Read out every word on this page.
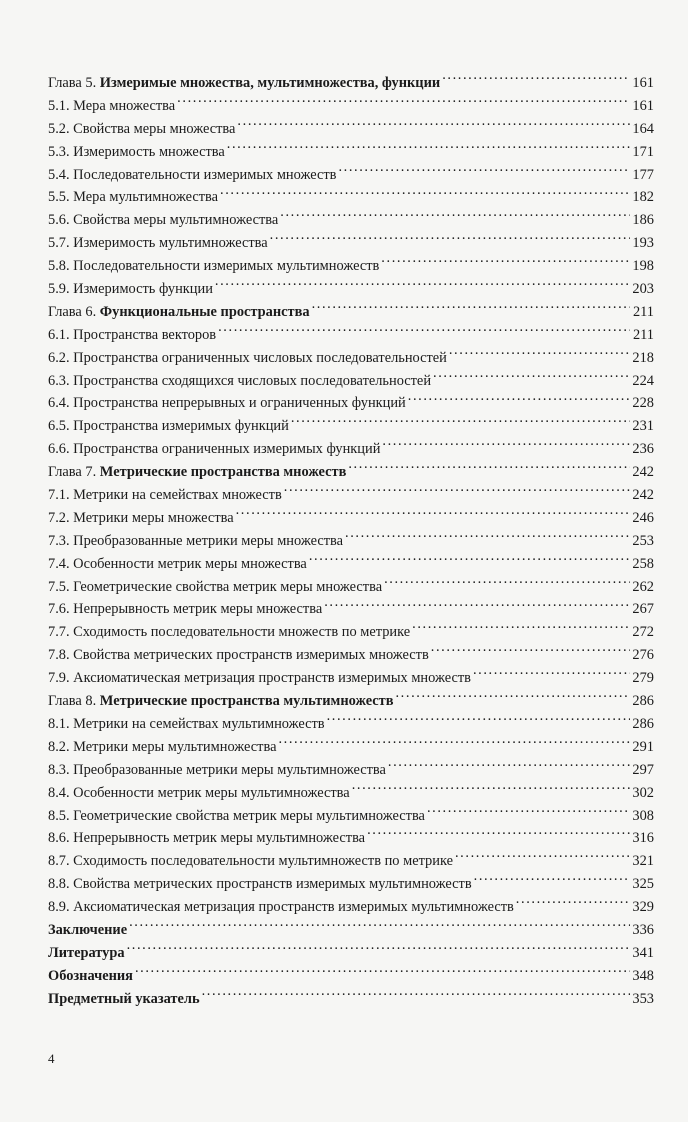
Глава 5. Измеримые множества, мультимножества, функции . . .	161
5.1. Мера множества . . .	161
5.2. Свойства меры множества . . .	164
5.3. Измеримость множества . . .	171
5.4. Последовательности измеримых множеств . . .	177
5.5. Мера мультимножества . . .	182
5.6. Свойства меры мультимножества . . .	186
5.7. Измеримость мультимножества . . .	193
5.8. Последовательности измеримых мультимножеств . . .	198
5.9. Измеримость функции . . .	203
Глава 6. Функциональные пространства . . .	211
6.1. Пространства векторов . . .	211
6.2. Пространства ограниченных числовых последовательностей . . .	218
6.3. Пространства сходящихся числовых последовательностей . . .	224
6.4. Пространства непрерывных и ограниченных функций . . .	228
6.5. Пространства измеримых функций . . .	231
6.6. Пространства ограниченных измеримых функций . . .	236
Глава 7. Метрические пространства множеств . . .	242
7.1. Метрики на семействах множеств . . .	242
7.2. Метрики меры множества . . .	246
7.3. Преобразованные метрики меры множества . . .	253
7.4. Особенности метрик меры множества . . .	258
7.5. Геометрические свойства метрик меры множества . . .	262
7.6. Непрерывность метрик меры множества . . .	267
7.7. Сходимость последовательности множеств по метрике . . .	272
7.8. Свойства метрических пространств измеримых множеств . . .	276
7.9. Аксиоматическая метризация пространств измеримых множеств . . .	279
Глава 8. Метрические пространства мультимножеств . . .	286
8.1. Метрики на семействах мультимножеств . . .	286
8.2. Метрики меры мультимножества . . .	291
8.3. Преобразованные метрики меры мультимножества . . .	297
8.4. Особенности метрик меры мультимножества . . .	302
8.5. Геометрические свойства метрик меры мультимножества . . .	308
8.6. Непрерывность метрик меры мультимножества . . .	316
8.7. Сходимость последовательности мультимножеств по метрике . . .	321
8.8. Свойства метрических пространств измеримых мультимножеств . . .	325
8.9. Аксиоматическая метризация пространств измеримых мультимножеств . . .	329
Заключение . . .	336
Литература . . .	341
Обозначения . . .	348
Предметный указатель . . .	353
4
